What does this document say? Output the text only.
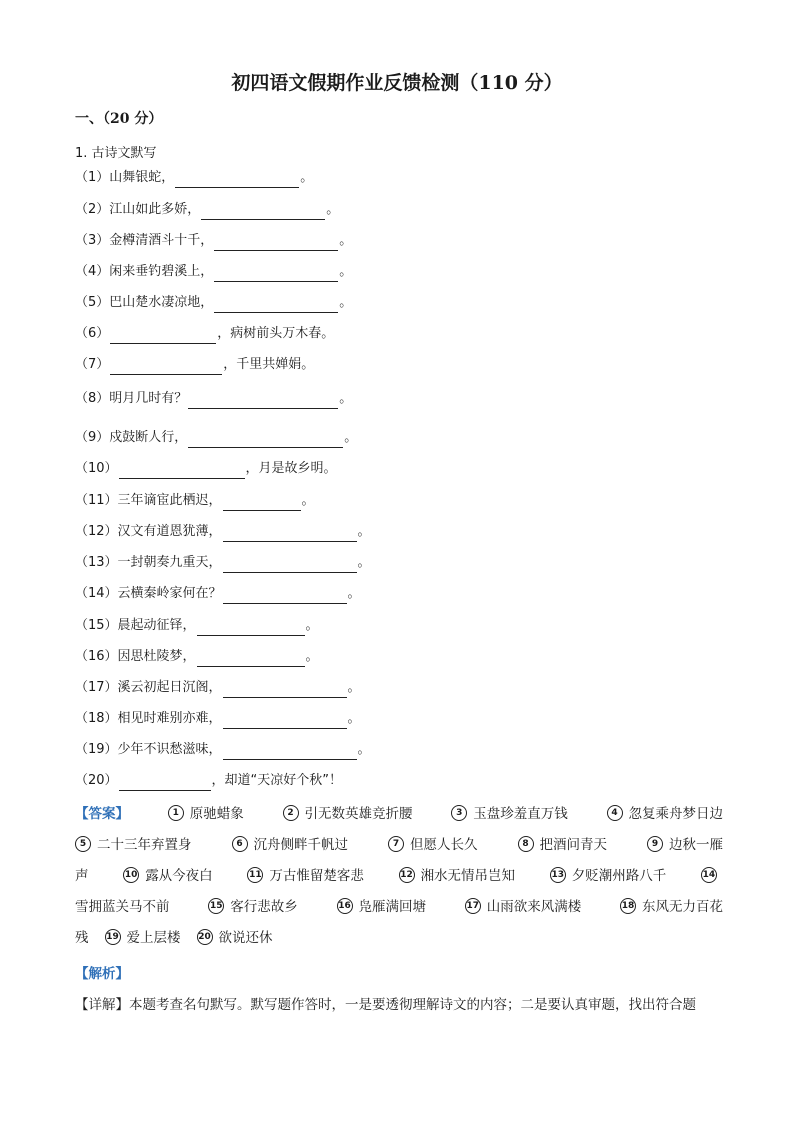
初四语文假期作业反馈检测（110 分）
一、（20 分）
1. 古诗文默写
（1）山舞银蛇，	。
（2）江山如此多娇，	。
（3）金樽清酒斗十千，	。
（4）闲来垂钓碧溪上，	。
（5）巴山楚水凄凉地，	。
（6）	，病树前头万木春。
（7）	，千里共婵娟。
（8）明月几时有？	。
（9）戍鼓断人行，	。
（10）	，月是故乡明。
（11）三年谪宦此栖迟，	。
（12）汉文有道恩犹薄，	。
（13）一封朝奏九重天，	。
（14）云横秦岭家何在？	。
（15）晨起动征铎，	。
（16）因思杜陵梦，	。
（17）溪云初起日沉阁，	。
（18）相见时难别亦难，	。
（19）少年不识愁滋味，	。
（20）	，却道“天凉好个秋”！
【答案】	1 原驰蜡象	2 引无数英雄竞折腰	3 玉盘珍羞直万钱	4 忽复乘舟梦日边
5 二十三年弃置身	6 沉舟侧畔千帆过	7 但愿人长久	8 把酒问青天	9 边秋一雁
声	10 露从今夜白	11 万古惟留楚客悲	12 湘水无情吊岂知	13 夕贬潮州路八千	14
雪拥蓝关马不前	15 客行悲故乡	16 凫雁满回塘	17 山雨欲来风满楼	18 东风无力百花
残 19 爱上层楼 20 欲说还休
【解析】
【详解】本题考查名句默写。默写题作答时，一是要透彻理解诗文的内容；二是要认真审题，找出符合题
